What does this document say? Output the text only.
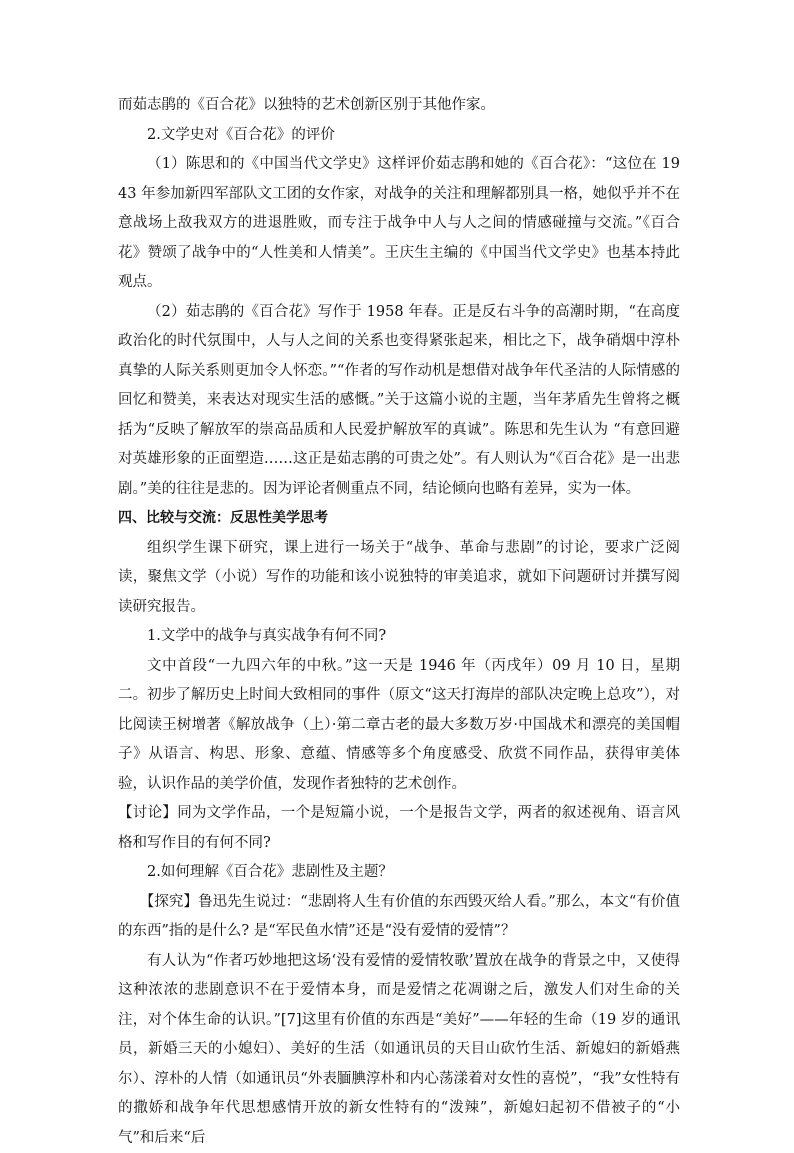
而茹志鹃的《百合花》以独特的艺术创新区别于其他作家。

2.文学史对《百合花》的评价

（1）陈思和的《中国当代文学史》这样评价茹志鹃和她的《百合花》：“这位在 1943 年参加新四军部队文工团的女作家，对战争的关注和理解都别具一格，她似乎并不在意战场上敌我双方的进退胜败，而专注于战争中人与人之间的情感碰撞与交流。”《百合花》赞颂了战争中的“人性美和人情美”。王庆生主编的《中国当代文学史》也基本持此观点。

（2）茹志鹃的《百合花》写作于 1958 年春。正是反右斗争的高潮时期，“在高度政治化的时代氛围中，人与人之间的关系也变得紧张起来，相比之下，战争硝烟中淳朴真挚的人际关系则更加令人怀恋。”“作者的写作动机是想借对战争年代圣洁的人际情感的回忆和赞美，来表达对现实生活的感慨。”关于这篇小说的主题，当年茅盾先生曾将之概括为“反映了解放军的崇高品质和人民爱护解放军的真诚”。陈思和先生认为 “有意回避对英雄形象的正面塑造……这正是茹志鹃的可贵之处”。有人则认为“《百合花》是一出悲剧。”美的往往是悲的。因为评论者侧重点不同，结论倾向也略有差异，实为一体。

四、比较与交流：反思性美学思考

组织学生课下研究，课上进行一场关于“战争、革命与悲剧”的讨论，要求广泛阅读，聚焦文学（小说）写作的功能和该小说独特的审美追求，就如下问题研讨并撰写阅读研究报告。

1.文学中的战争与真实战争有何不同?

文中首段“一九四六年的中秋。”这一天是 1946 年（丙戌年）09 月 10 日，星期二。初步了解历史上时间大致相同的事件（原文“这天打海岸的部队决定晚上总攻”），对比阅读王树增著《解放战争（上）·第二章古老的最大多数万岁·中国战术和漂亮的美国帽子》从语言、构思、形象、意蕴、情感等多个角度感受、欣赏不同作品，获得审美体验，认识作品的美学价值，发现作者独特的艺术创作。

【讨论】同为文学作品，一个是短篇小说，一个是报告文学，两者的叙述视角、语言风格和写作目的有何不同?

2.如何理解《百合花》悲剧性及主题？

【探究】鲁迅先生说过：“悲剧将人生有价值的东西毁灭给人看。”那么，本文“有价值的东西”指的是什么? 是“军民鱼水情”还是“没有爱情的爱情”？

有人认为“作者巧妙地把这场‘没有爱情的爱情牧歌’置放在战争的背景之中，又使得这种浓浓的悲剧意识不在于爱情本身，而是爱情之花凋谢之后，激发人们对生命的关注，对个体生命的认识。”[7]这里有价值的东西是“美好”——年轻的生命（19 岁的通讯员，新婚三天的小媳妇）、美好的生活（如通讯员的天目山砍竹生活、新媳妇的新婚燕尔）、淳朴的人情（如通讯员“外表腼腆淳朴和内心荡漾着对女性的喜悦”，“我”女性特有的撒娇和战争年代思想感情开放的新女性特有的“泼辣”，新媳妇起初不借被子的“小气”和后来“后
